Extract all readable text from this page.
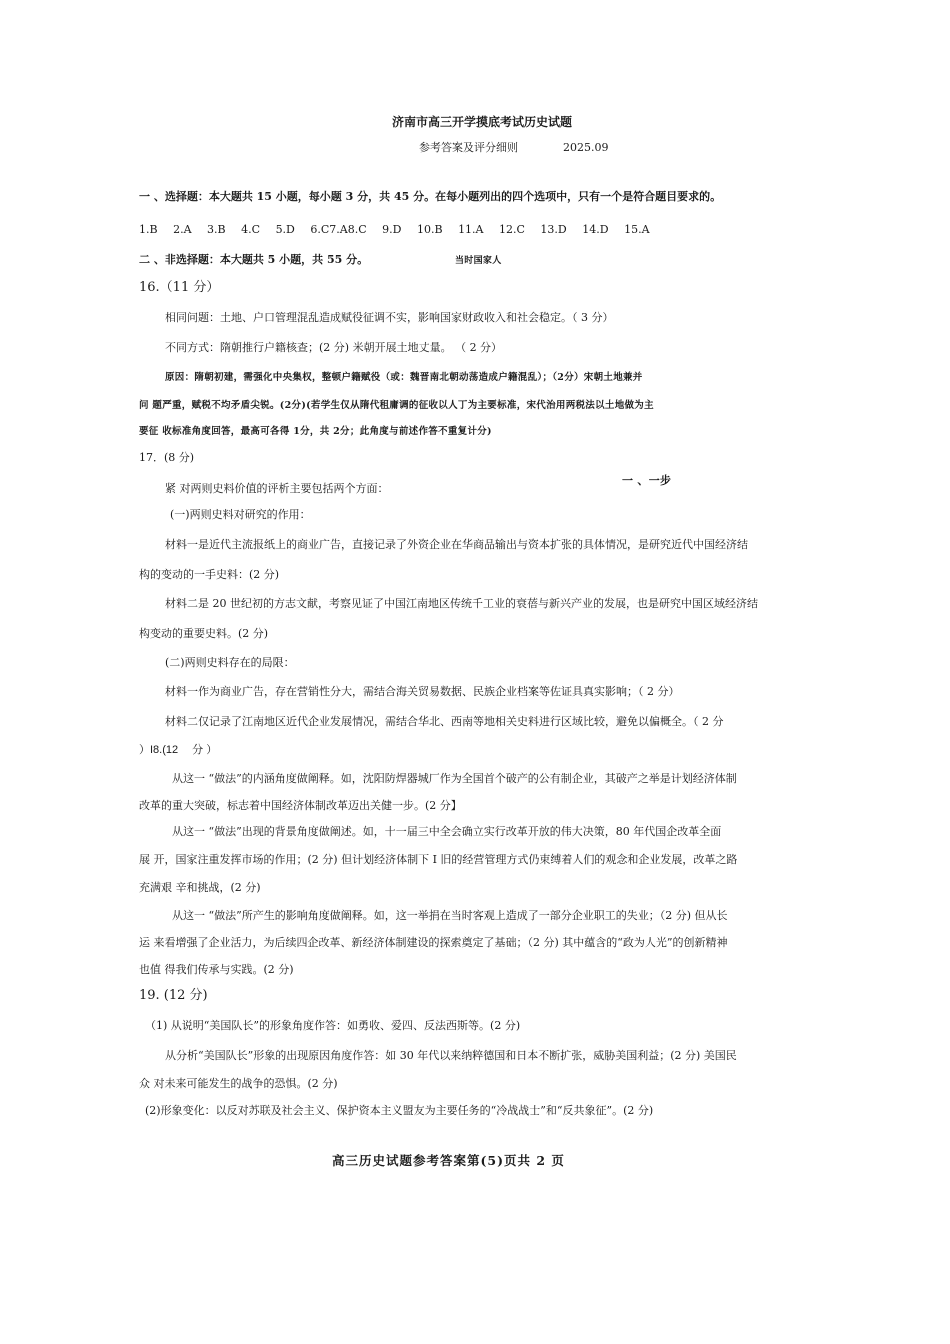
济南市高三开学摸底考试历史试题
参考答案及评分细则	2025.09
一 、选择题：本大题共 15 小题，每小题 3 分，共 45 分。在每小题列出的四个选项中，只有一个是符合题目要求的。
1.B 2.A 3.B 4.C 5.D 6.C7.A8.C 9.D 10.B 11.A 12.C 13.D 14.D 15.A
二 、非选择题：本大题共 5 小题，共 55 分。	当时国家人
16.（11 分）
相同问题：土地、户口管理混乱造成赋役征调不实，影响国家财政收入和社会稳定。（ 3 分）
不同方式：隋朝推行户籍核查；(2 分) 米朝开展土地丈量。 （ 2 分）
原因：隋朝初建，需强化中央集权，整顿户籍赋役（或：魏晋南北朝动荡造成户籍混乱）；（2分）宋朝土地兼并
问 题严重，赋税不均矛盾尖锐。(2分)(若学生仅从隋代租庸调的征收以人丁为主要标准，宋代治用两税法以土地做为主
要征 收标准角度回答，最高可各得 1分，共 2分；此角度与前述作答不重复计分)
17．(8 分)
紧 对两则史料价值的评析主要包括两个方面：
一 、一步
(一)两则史料对研究的作用：
材料一是近代主流报纸上的商业广告，直接记录了外资企业在华商品输出与资本扩张的具体情况，是研究近代中国经济结
构的变动的一手史料：(2 分)
材料二是 20 世纪初的方志文献，考察见证了中国江南地区传统千工业的衰蓓与新兴产业的发展，也是研究中国区域经济结
构变动的重要史料。(2 分)
(二)两则史料存在的局限：
材料一作为商业广告，存在营销性分大，需结合海关贸易数据、民族企业档案等佐证具真实影响；（ 2 分）
材料二仅记录了江南地区近代企业发展情况，需结合华北、西南等地相关史料进行区域比较，避免以偏概全。（ 2 分
）I8.(12　 分 ）
从这一 “做法”的内涵角度做阐释。如，沈阳防焊器城厂作为全国首个破产的公有制企业，其破产之举是计划经济体制
改革的重大突破，标志着中国经济体制改革迈出关健一步。(2 分】
从这一 “做法”出现的背景角度做阐述。如，十一届三中全会确立实行改革开放的伟大决策，80 年代国企改革全面
展 开，国家注重发挥市场的作用；(2 分) 但计划经济体制下 I 旧的经营管理方式仍束缚着人们的观念和企业发展，改革之路
充满艰 辛和挑战，(2 分)
从这一 “做法”所产生的影响角度做阐释。如，这一举捐在当时客观上造成了一部分企业职工的失业；（2 分) 但从长
运 来看增强了企业活力，为后续四企改革、新经济体制建设的探索奠定了基础；（2 分) 其中蕴含的“政为人光”的创新精神
也值 得我们传承与实践。(2 分)
19. (12 分)
（1) 从说明“美国队长”的形象角度作答：如勇收、爱四、反法西斯等。(2 分)
从分析“美国队长”形象的出现原因角度作答：如 30 年代以来纳粹德国和日本不断扩张，威胁美国利益；(2 分) 美国民
众 对未来可能发生的战争的恐惧。(2 分)
(2)形象变化：以反对苏联及社会主义、保护资本主义盟友为主要任务的“冷战战士”和“反共象征”。(2 分)
高三历史试题参考答案第(5)页共 2 页
